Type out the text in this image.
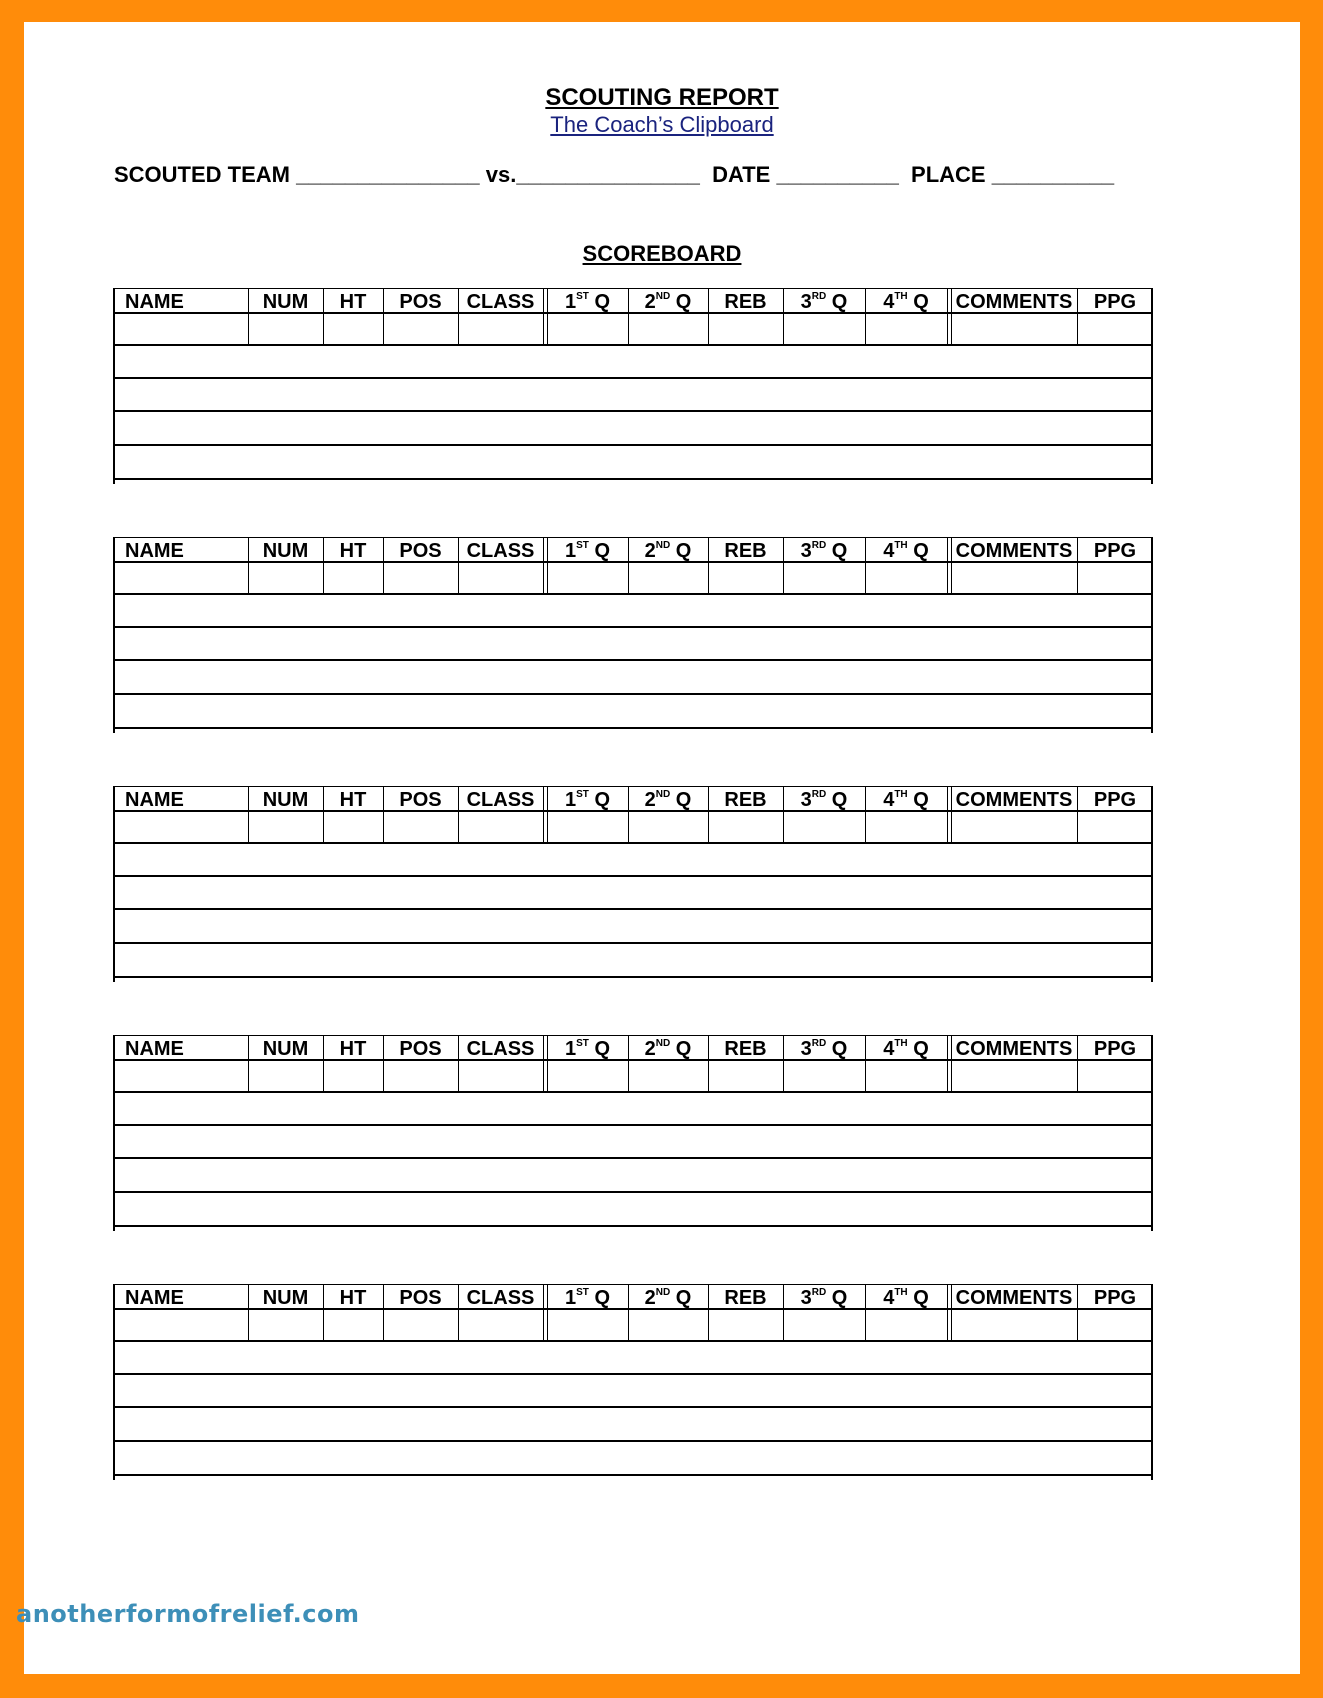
SCOUTING REPORT
The Coach’s Clipboard
SCOUTED TEAM _______________ vs._______________  DATE __________  PLACE __________
SCOREBOARD
NAME	NUM	HT	POS	CLASS	1ST Q	2ND Q	REB	3RD Q	4TH Q	COMMENTS	PPG
NAME	NUM	HT	POS	CLASS	1ST Q	2ND Q	REB	3RD Q	4TH Q	COMMENTS	PPG
NAME	NUM	HT	POS	CLASS	1ST Q	2ND Q	REB	3RD Q	4TH Q	COMMENTS	PPG
NAME	NUM	HT	POS	CLASS	1ST Q	2ND Q	REB	3RD Q	4TH Q	COMMENTS	PPG
NAME	NUM	HT	POS	CLASS	1ST Q	2ND Q	REB	3RD Q	4TH Q	COMMENTS	PPG
anotherformofrelief.com
